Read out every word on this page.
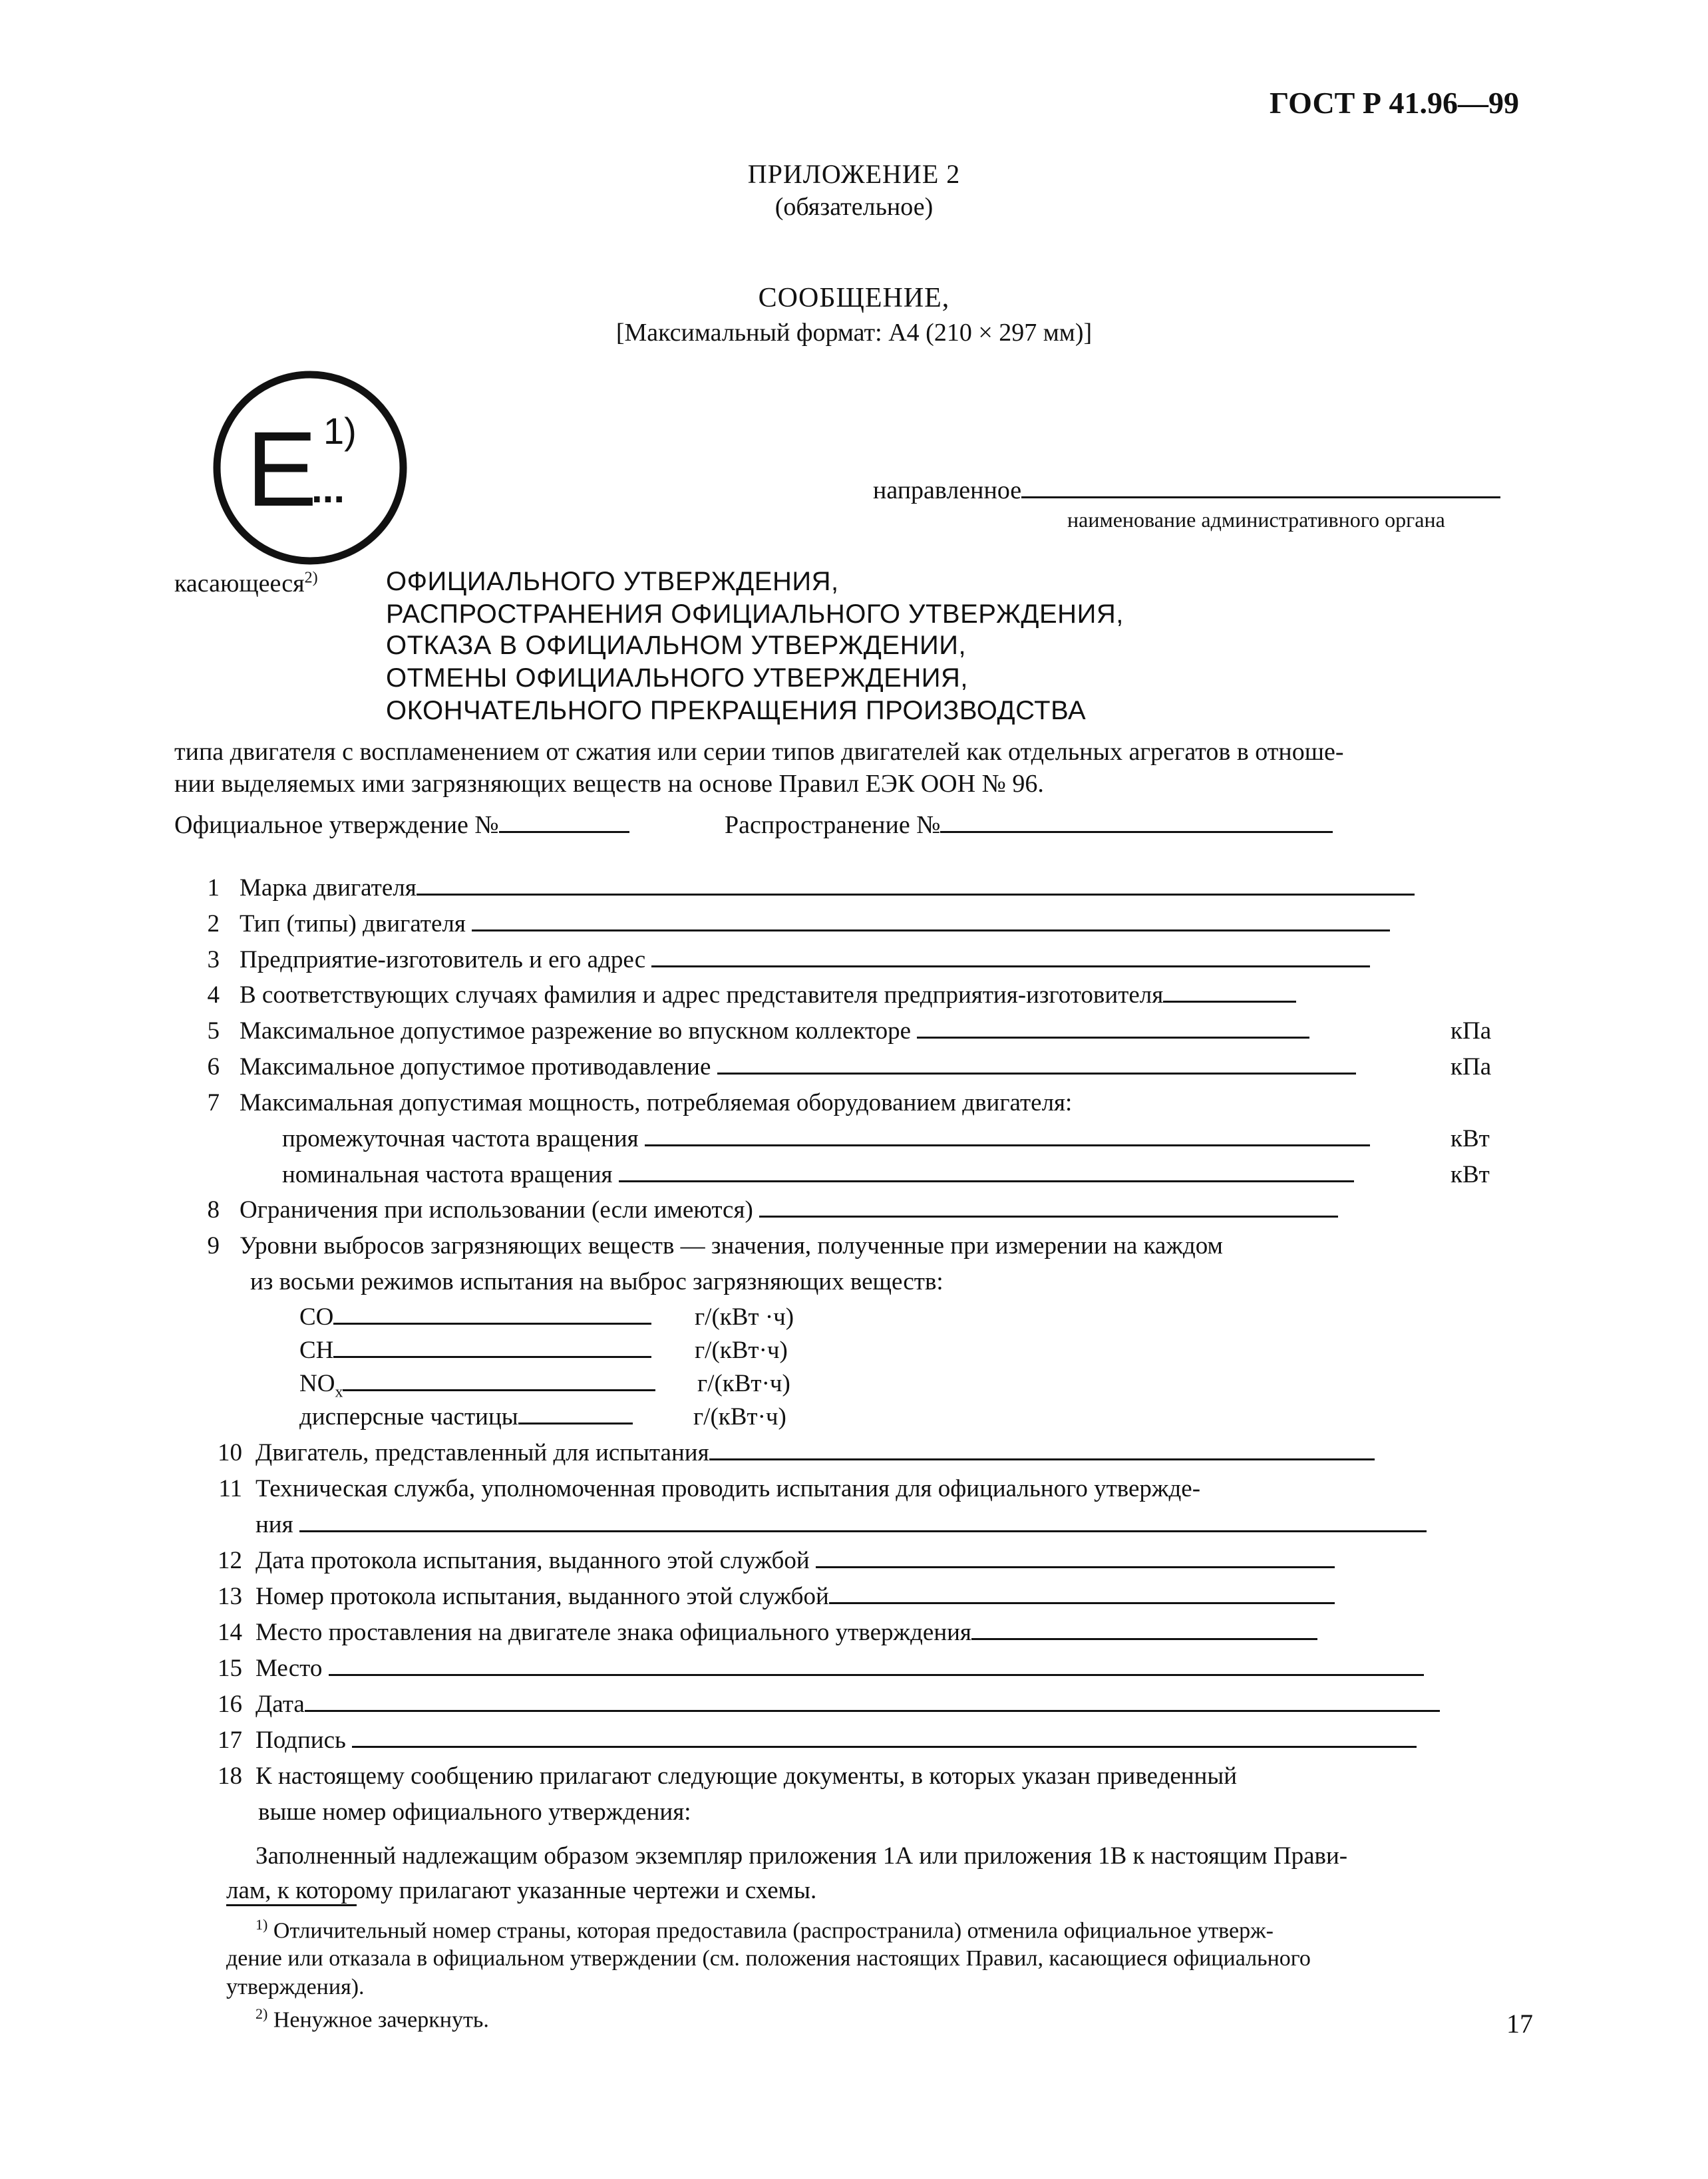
ГОСТ Р 41.96—99
ПРИЛОЖЕНИЕ 2
(обязательное)
СООБЩЕНИЕ,
[Максимальный формат: А4 (210 × 297 мм)]
E 1)
...	направленное
наименование административного органа
касающееся$^{2)}$	ОФИЦИАЛЬНОГО УТВЕРЖДЕНИЯ,
РАСПРОСТРАНЕНИЯ ОФИЦИАЛЬНОГО УТВЕРЖДЕНИЯ,
ОТКАЗА В ОФИЦИАЛЬНОМ УТВЕРЖДЕНИИ,
ОТМЕНЫ ОФИЦИАЛЬНОГО УТВЕРЖДЕНИЯ,
ОКОНЧАТЕЛЬНОГО ПРЕКРАЩЕНИЯ ПРОИЗВОДСТВА
типа двигателя с воспламенением от сжатия или серии типов двигателей как отдельных агрегатов в отноше-
нии выделяемых ими загрязняющих веществ на основе Правил ЕЭК ООН № 96.
Официальное утверждение №	Распространение №
1 Марка двигателя
2 Тип (типы) двигателя
3 Предприятие-изготовитель и его адрес
4 В соответствующих случаях фамилия и адрес представителя предприятия-изготовителя
5 Максимальное допустимое разрежение во впускном коллекторе	кПа
6 Максимальное допустимое противодавление	кПа
7 Максимальная допустимая мощность, потребляемая оборудованием двигателя:
промежуточная частота вращения	кВт
номинальная частота вращения	кВт
8 Ограничения при использовании (если имеются)
9 Уровни выбросов загрязняющих веществ — значения, полученные при измерении на каждом
из восьми режимов испытания на выброс загрязняющих веществ:
CO	г/(кВт ·ч)
CH	г/(кВт·ч)
$NO_x$	г/(кВт·ч)
дисперсные частицы	г/(кВт·ч)
10 Двигатель, представленный для испытания
11 Техническая служба, уполномоченная проводить испытания для официального утвержде-
ния
12 Дата протокола испытания, выданного этой службой
13 Номер протокола испытания, выданного этой службой
14 Место проставления на двигателе знака официального утверждения
15 Место
16 Дата
17 Подпись
18 К настоящему сообщению прилагают следующие документы, в которых указан приведенный
выше номер официального утверждения:
Заполненный надлежащим образом экземпляр приложения 1А или приложения 1В к настоящим Прави-
лам, к которому прилагают указанные чертежи и схемы.
$^{1)}$ Отличительный номер страны, которая предоставила (распространила) отменила официальное утверж-
дение или отказала в официальном утверждении (см. положения настоящих Правил, касающиеся официального
утверждения).
$^{2)}$ Ненужное зачеркнуть.	17
